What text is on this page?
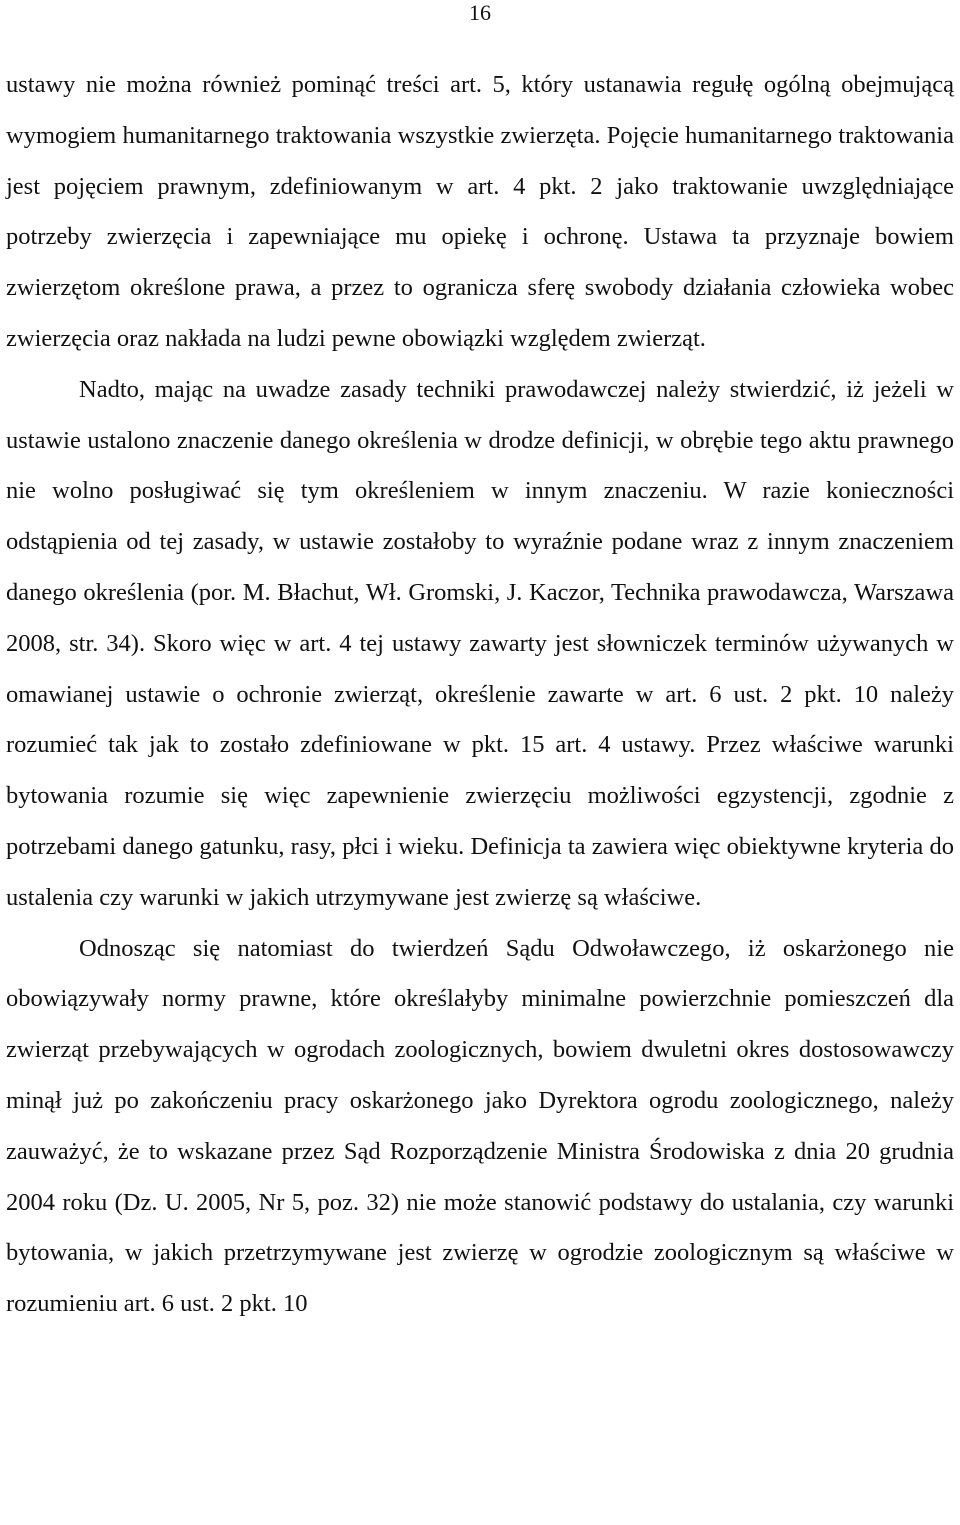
16

ustawy nie można również pominąć treści art. 5, który ustanawia regułę ogólną obejmującą wymogiem humanitarnego traktowania wszystkie zwierzęta. Pojęcie humanitarnego traktowania jest pojęciem prawnym, zdefiniowanym w art. 4 pkt. 2 jako traktowanie uwzględniające potrzeby zwierzęcia i zapewniające mu opiekę i ochronę. Ustawa ta przyznaje bowiem zwierzętom określone prawa, a przez to ogranicza sferę swobody działania człowieka wobec zwierzęcia oraz nakłada na ludzi pewne obowiązki względem zwierząt.

Nadto, mając na uwadze zasady techniki prawodawczej należy stwierdzić, iż jeżeli w ustawie ustalono znaczenie danego określenia w drodze definicji, w obrębie tego aktu prawnego nie wolno posługiwać się tym określeniem w innym znaczeniu. W razie konieczności odstąpienia od tej zasady, w ustawie zostałoby to wyraźnie podane wraz z innym znaczeniem danego określenia (por. M. Błachut, Wł. Gromski, J. Kaczor, Technika prawodawcza, Warszawa 2008, str. 34). Skoro więc w art. 4 tej ustawy zawarty jest słowniczek terminów używanych w omawianej ustawie o ochronie zwierząt, określenie zawarte w art. 6 ust. 2 pkt. 10 należy rozumieć tak jak to zostało zdefiniowane w pkt. 15 art. 4 ustawy. Przez właściwe warunki bytowania rozumie się więc zapewnienie zwierzęciu możliwości egzystencji, zgodnie z potrzebami danego gatunku, rasy, płci i wieku. Definicja ta zawiera więc obiektywne kryteria do ustalenia czy warunki w jakich utrzymywane jest zwierzę są właściwe.

Odnosząc się natomiast do twierdzeń Sądu Odwoławczego, iż oskarżonego nie obowiązywały normy prawne, które określałyby minimalne powierzchnie pomieszczeń dla zwierząt przebywających w ogrodach zoologicznych, bowiem dwuletni okres dostosowawczy minął już po zakończeniu pracy oskarżonego jako Dyrektora ogrodu zoologicznego, należy zauważyć, że to wskazane przez Sąd Rozporządzenie Ministra Środowiska z dnia 20 grudnia 2004 roku (Dz. U. 2005, Nr 5, poz. 32) nie może stanowić podstawy do ustalania, czy warunki bytowania, w jakich przetrzymywane jest zwierzę w ogrodzie zoologicznym są właściwe w rozumieniu art. 6 ust. 2 pkt. 10
